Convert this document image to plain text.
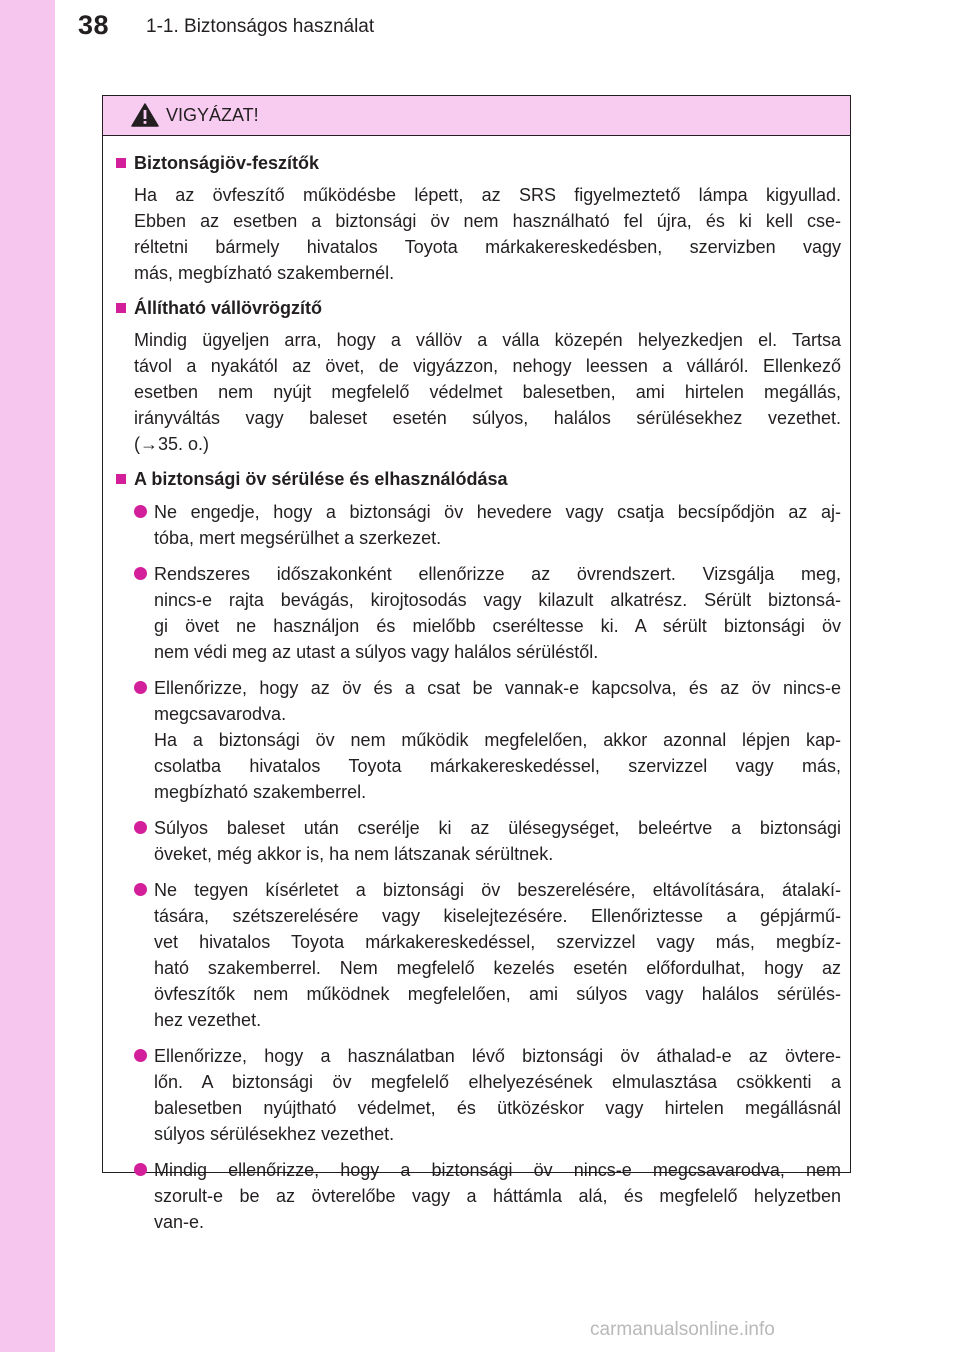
38 1-1. Biztonságos használat
VIGYÁZAT!
Biztonságiöv-feszítők
Ha az övfeszítő működésbe lépett, az SRS figyelmeztető lámpa kigyullad.
Ebben az esetben a biztonsági öv nem használható fel újra, és ki kell cse-
réltetni bármely hivatalos Toyota márkakereskedésben, szervizben vagy
más, megbízható szakembernél.
Állítható vállövrögzítő
Mindig ügyeljen arra, hogy a vállöv a válla közepén helyezkedjen el. Tartsa
távol a nyakától az övet, de vigyázzon, nehogy leessen a válláról. Ellenkező
esetben nem nyújt megfelelő védelmet balesetben, ami hirtelen megállás,
irányváltás vagy baleset esetén súlyos, halálos sérülésekhez vezethet.
(→35. o.)
A biztonsági öv sérülése és elhasználódása
Ne engedje, hogy a biztonsági öv hevedere vagy csatja becsípődjön az aj-
tóba, mert megsérülhet a szerkezet.
Rendszeres időszakonként ellenőrizze az övrendszert. Vizsgálja meg,
nincs-e rajta bevágás, kirojtosodás vagy kilazult alkatrész. Sérült biztonsá-
gi övet ne használjon és mielőbb cseréltesse ki. A sérült biztonsági öv
nem védi meg az utast a súlyos vagy halálos sérüléstől.
Ellenőrizze, hogy az öv és a csat be vannak-e kapcsolva, és az öv nincs-e
megcsavarodva.
Ha a biztonsági öv nem működik megfelelően, akkor azonnal lépjen kap-
csolatba hivatalos Toyota márkakereskedéssel, szervizzel vagy más,
megbízható szakemberrel.
Súlyos baleset után cserélje ki az ülésegységet, beleértve a biztonsági
öveket, még akkor is, ha nem látszanak sérültnek.
Ne tegyen kísérletet a biztonsági öv beszerelésére, eltávolítására, átalakí-
tására, szétszerelésére vagy kiselejtezésére. Ellenőriztesse a gépjármű-
vet hivatalos Toyota márkakereskedéssel, szervizzel vagy más, megbíz-
ható szakemberrel. Nem megfelelő kezelés esetén előfordulhat, hogy az
övfeszítők nem működnek megfelelően, ami súlyos vagy halálos sérülés-
hez vezethet.
Ellenőrizze, hogy a használatban lévő biztonsági öv áthalad-e az övtere-
lőn. A biztonsági öv megfelelő elhelyezésének elmulasztása csökkenti a
balesetben nyújtható védelmet, és ütközéskor vagy hirtelen megállásnál
súlyos sérülésekhez vezethet.
Mindig ellenőrizze, hogy a biztonsági öv nincs-e megcsavarodva, nem
szorult-e be az övterelőbe vagy a háttámla alá, és megfelelő helyzetben
van-e.
carmanualsonline.info
